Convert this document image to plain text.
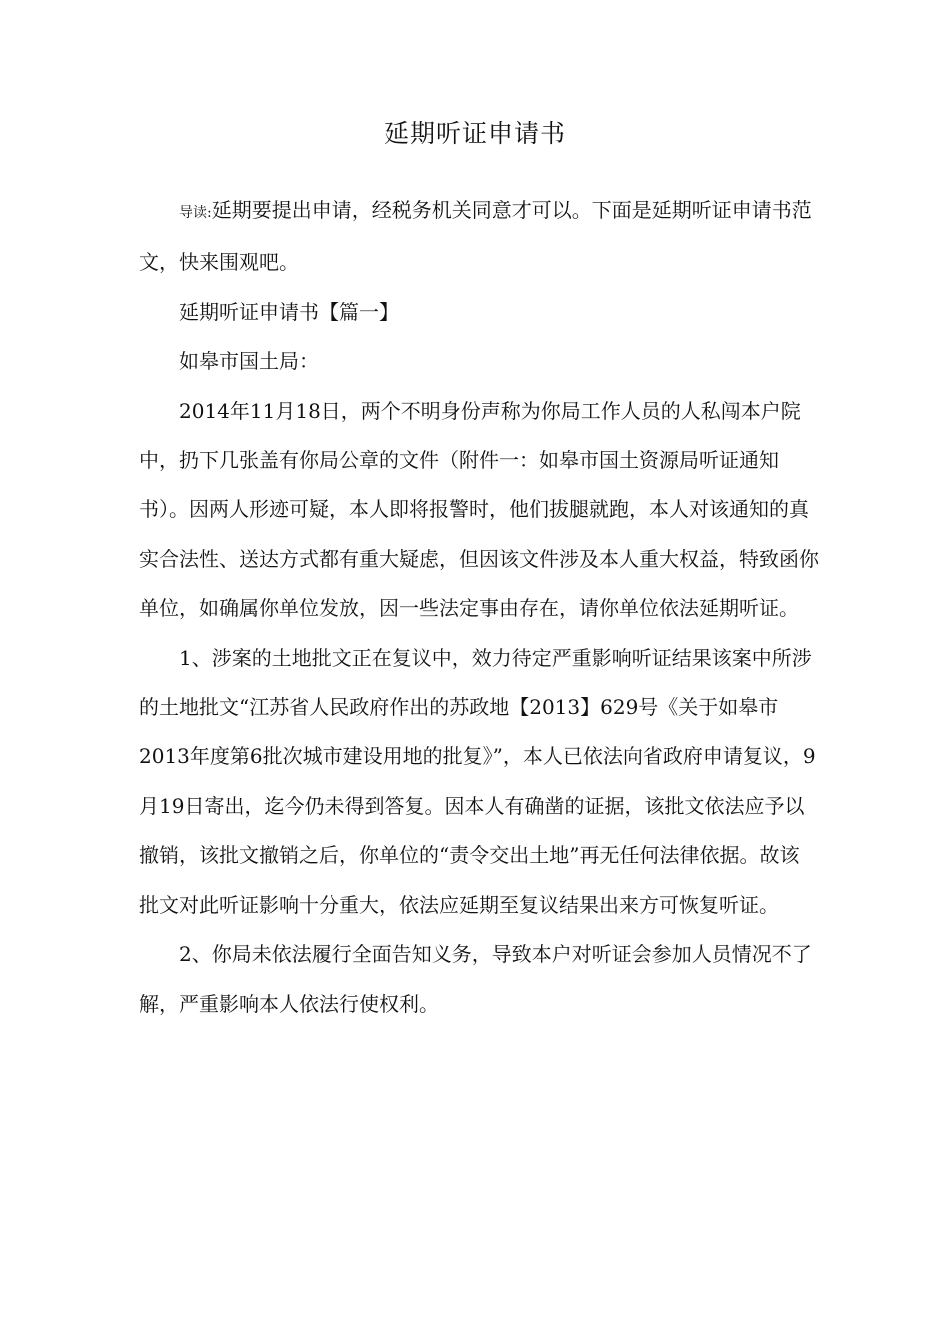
延期听证申请书

导读:延期要提出申请，经税务机关同意才可以。下面是延期听证申请书范文，快来围观吧。

延期听证申请书【篇一】

如皋市国土局：

2014年11月18日，两个不明身份声称为你局工作人员的人私闯本户院中，扔下几张盖有你局公章的文件（附件一：如皋市国土资源局听证通知书）。因两人形迹可疑，本人即将报警时，他们拔腿就跑，本人对该通知的真实合法性、送达方式都有重大疑虑，但因该文件涉及本人重大权益，特致函你单位，如确属你单位发放，因一些法定事由存在，请你单位依法延期听证。

1、涉案的土地批文正在复议中，效力待定严重影响听证结果该案中所涉的土地批文“江苏省人民政府作出的苏政地【2013】629号《关于如皋市2013年度第6批次城市建设用地的批复》”，本人已依法向省政府申请复议，9月19日寄出，迄今仍未得到答复。因本人有确凿的证据，该批文依法应予以撤销，该批文撤销之后，你单位的“责令交出土地”再无任何法律依据。故该批文对此听证影响十分重大，依法应延期至复议结果出来方可恢复听证。

2、你局未依法履行全面告知义务，导致本户对听证会参加人员情况不了解，严重影响本人依法行使权利。
